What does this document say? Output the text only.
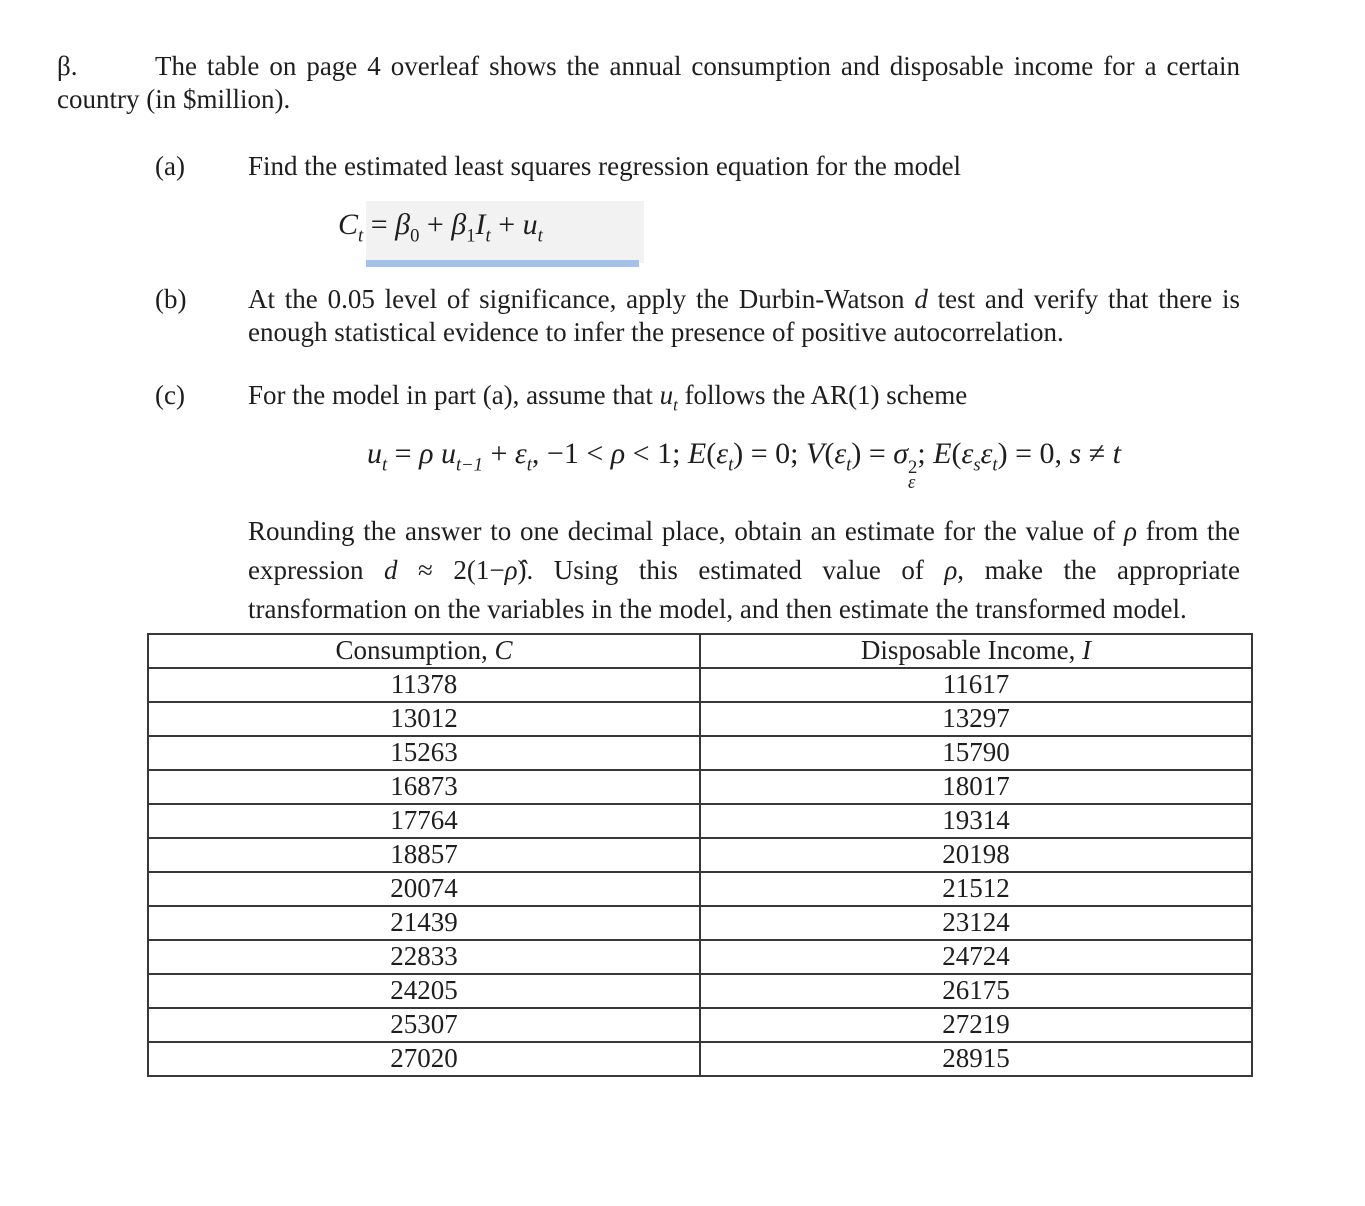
β.	The table on page 4 overleaf shows the annual consumption and disposable income for a certain country (in $million).

(a)	Find the estimated least squares regression equation for the model

$C_t = \beta_0 + \beta_1I_t + u_t$
(b)	At the 0.05 level of significance, apply the Durbin-Watson d test and verify that there is enough statistical evidence to infer the presence of positive autocorrelation.

(c)	For the model in part (a), assume that $u_t$ follows the AR(1) scheme

$u_t = \rho$ $u_{t-1} + \varepsilon_t$, −1 < ρ < 1; $E(\varepsilon_t) = 0$; $V(\varepsilon_t) = \sigma$ 2
ε
; $E(\varepsilon_s\varepsilon_t) = 0$, s ≠ t

Rounding the answer to one decimal place, obtain an estimate for the value of ρ from the expression d ≈ 2(1−ρ̂). Using this estimated value of ρ, make the appropriate transformation on the variables in the model, and then estimate the transformed model.

Consumption, C	Disposable Income, I
11378	11617
13012	13297
15263	15790
16873	18017
17764	19314
18857	20198
20074	21512
21439	23124
22833	24724
24205	26175
25307	27219
27020	28915
